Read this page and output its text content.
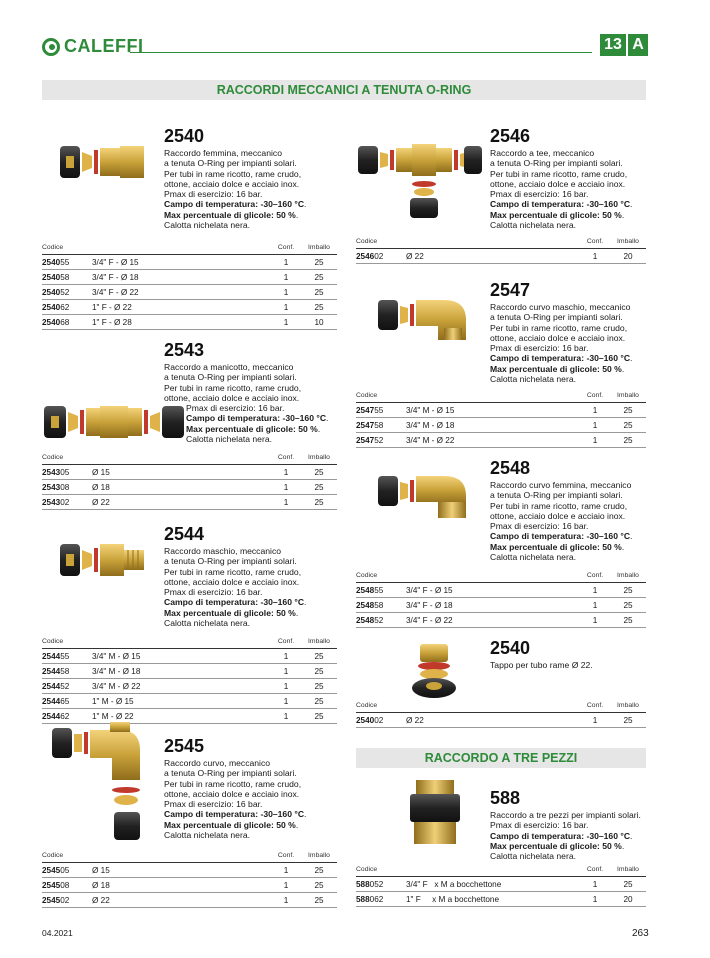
CALEFFI	13 A
RACCORDI MECCANICI A TENUTA O-RING
2540
Raccordo femmina, meccanico
a tenuta O-Ring per impianti solari.
Per tubi in rame ricotto, rame crudo,
ottone, acciaio dolce e acciaio inox.
Pmax di esercizio: 16 bar.
Campo di temperatura: -30–160 °C.
Max percentuale di glicole: 50 %.
Calotta nichelata nera.
Codice	Conf.	Imballo
254055	3/4" F - Ø 15	1	25
254058	3/4" F - Ø 18	1	25
254052	3/4" F - Ø 22	1	25
254062	1" F - Ø 22	1	25
254068	1" F - Ø 28	1	10
2543
Raccordo a manicotto, meccanico
a tenuta O-Ring per impianti solari.
Per tubi in rame ricotto, rame crudo,
ottone, acciaio dolce e acciaio inox.
Pmax di esercizio: 16 bar.
Campo di temperatura: -30–160 °C.
Max percentuale di glicole: 50 %.
Calotta nichelata nera.
Codice	Conf.	Imballo
254305	Ø 15	1	25
254308	Ø 18	1	25
254302	Ø 22	1	25
2544
Raccordo maschio, meccanico
a tenuta O-Ring per impianti solari.
Per tubi in rame ricotto, rame crudo,
ottone, acciaio dolce e acciaio inox.
Pmax di esercizio: 16 bar.
Campo di temperatura: -30–160 °C.
Max percentuale di glicole: 50 %.
Calotta nichelata nera.
Codice	Conf.	Imballo
254455	3/4" M - Ø 15	1	25
254458	3/4" M - Ø 18	1	25
254452	3/4" M - Ø 22	1	25
254465	1" M - Ø 15	1	25
254462	1" M - Ø 22	1	25
2545
Raccordo curvo, meccanico
a tenuta O-Ring per impianti solari.
Per tubi in rame ricotto, rame crudo,
ottone, acciaio dolce e acciaio inox.
Pmax di esercizio: 16 bar.
Campo di temperatura: -30–160 °C.
Max percentuale di glicole: 50 %.
Calotta nichelata nera.
Codice	Conf.	Imballo
254505	Ø 15	1	25
254508	Ø 18	1	25
254502	Ø 22	1	25
2546
Raccordo a tee, meccanico
a tenuta O-Ring per impianti solari.
Per tubi in rame ricotto, rame crudo,
ottone, acciaio dolce e acciaio inox.
Pmax di esercizio: 16 bar.
Campo di temperatura: -30–160 °C.
Max percentuale di glicole: 50 %.
Calotta nichelata nera.
Codice	Conf.	Imballo
254602	Ø 22	1	20
2547
Raccordo curvo maschio, meccanico
a tenuta O-Ring per impianti solari.
Per tubi in rame ricotto, rame crudo,
ottone, acciaio dolce e acciaio inox.
Pmax di esercizio: 16 bar.
Campo di temperatura: -30–160 °C.
Max percentuale di glicole: 50 %.
Calotta nichelata nera.
Codice	Conf.	Imballo
254755	3/4" M - Ø 15	1	25
254758	3/4" M - Ø 18	1	25
254752	3/4" M - Ø 22	1	25
2548
Raccordo curvo femmina, meccanico
a tenuta O-Ring per impianti solari.
Per tubi in rame ricotto, rame crudo,
ottone, acciaio dolce e acciaio inox.
Pmax di esercizio: 16 bar.
Campo di temperatura: -30–160 °C.
Max percentuale di glicole: 50 %.
Calotta nichelata nera.
Codice	Conf.	Imballo
254855	3/4" F - Ø 15	1	25
254858	3/4" F - Ø 18	1	25
254852	3/4" F - Ø 22	1	25
2540
Tappo per tubo rame Ø 22.
Codice	Conf.	Imballo
254002	Ø 22	1	25
RACCORDO A TRE PEZZI
588
Raccordo a tre pezzi per impianti solari.
Pmax di esercizio: 16 bar.
Campo di temperatura: -30–160 °C.
Max percentuale di glicole: 50 %.
Calotta nichelata nera.
Codice	Conf.	Imballo
588052	3/4" F   x M a bocchettone	1	25
588062	1" F     x M a bocchettone	1	20
04.2021	263
